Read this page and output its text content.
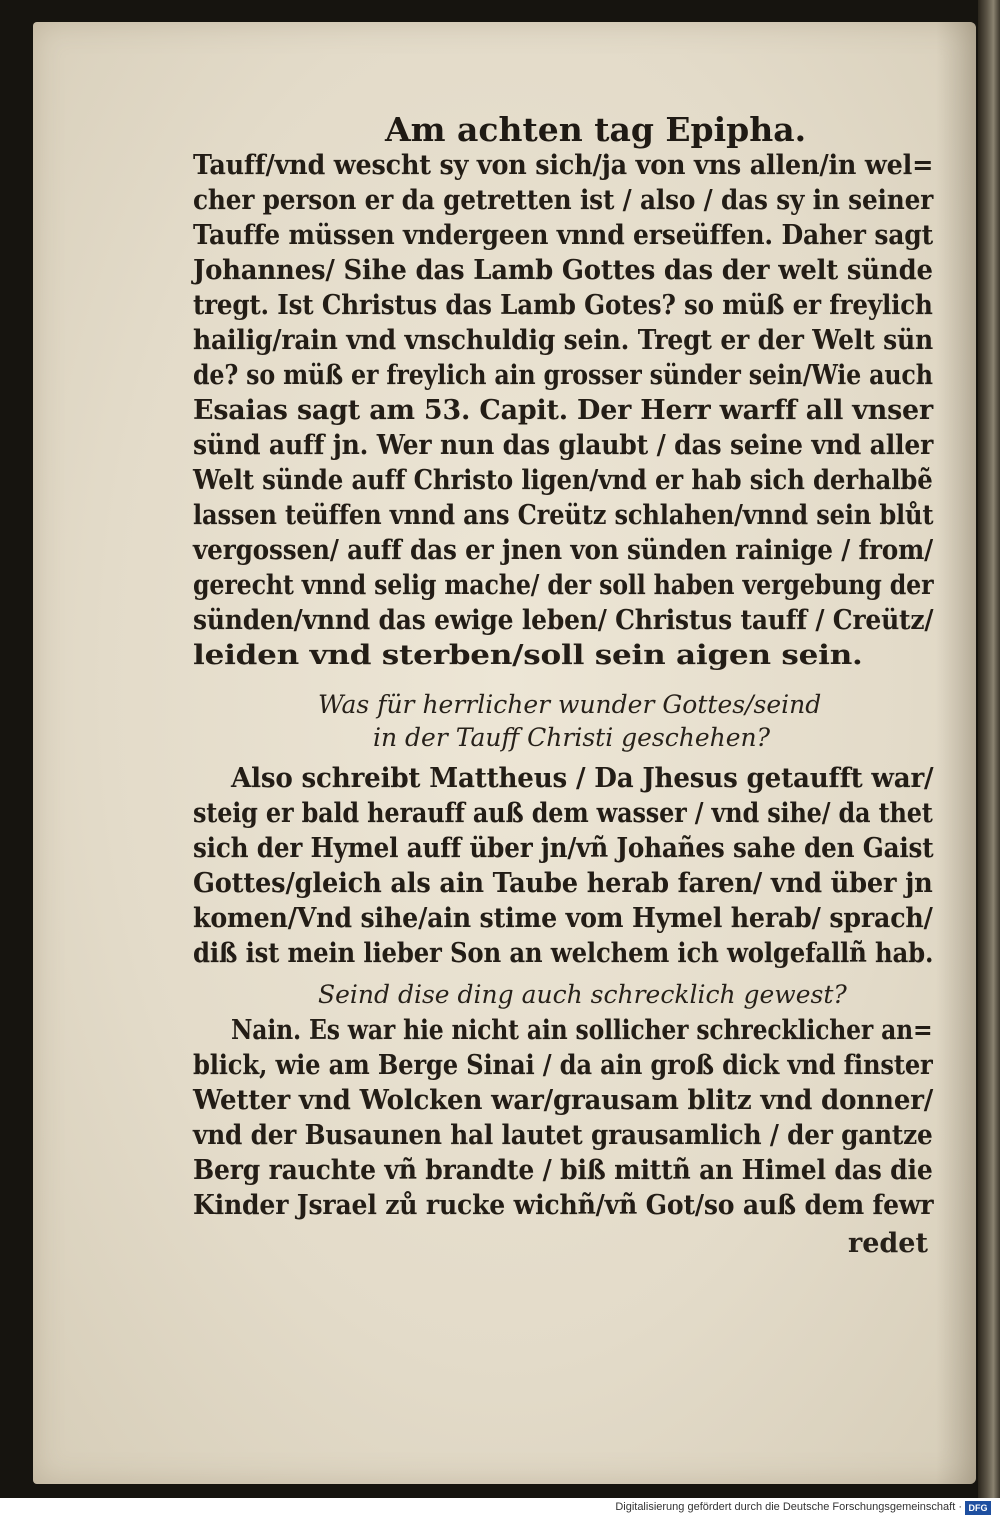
Am achten tag Epipha.
Tauff/vnd wescht sy von sich/ja von vns allen/in wel=
cher person er da getretten ist / also / das sy in seiner
Tauffe müssen vndergeen vnnd erseüffen. Daher sagt
Johannes/ Sihe das Lamb Gottes das der welt sünde
tregt. Ist Christus das Lamb Gotes? so müß er freylich
hailig/rain vnd vnschuldig sein. Tregt er der Welt sün
de? so müß er freylich ain grosser sünder sein/Wie auch
Esaias sagt am 53. Capit. Der Herr warff all vnser
sünd auff jn. Wer nun das glaubt / das seine vnd aller
Welt sünde auff Christo ligen/vnd er hab sich derhalbẽ
lassen teüffen vnnd ans Creütz schlahen/vnnd sein blůt
vergossen/ auff das er jnen von sünden rainige / from/
gerecht vnnd selig mache/ der soll haben vergebung der
sünden/vnnd das ewige leben/ Christus tauff / Creütz/
leiden vnd sterben/soll sein aigen sein.
Also schreibt Mattheus / Da Jhesus getaufft war/
steig er bald herauff auß dem wasser / vnd sihe/ da thet
sich der Hymel auff über jn/vñ Johañes sahe den Gaist
Gottes/gleich als ain Taube herab faren/ vnd über jn
komen/Vnd sihe/ain stime vom Hymel herab/ sprach/
diß ist mein lieber Son an welchem ich wolgefallñ hab.
Nain. Es war hie nicht ain sollicher schrecklicher an=
blick, wie am Berge Sinai / da ain groß dick vnd finster
Wetter vnd Wolcken war/grausam blitz vnd donner/
vnd der Busaunen hal lautet grausamlich / der gantze
Berg rauchte vñ brandte / biß mittñ an Himel das die
Kinder Jsrael zů rucke wichñ/vñ Got/so auß dem fewr
Was für herrlicher wunder Gottes/seind
in der Tauff Christi geschehen?
Seind dise ding auch schrecklich gewest?
redet
Digitalisierung gefördert durch die Deutsche Forschungsgemeinschaft · DFG
